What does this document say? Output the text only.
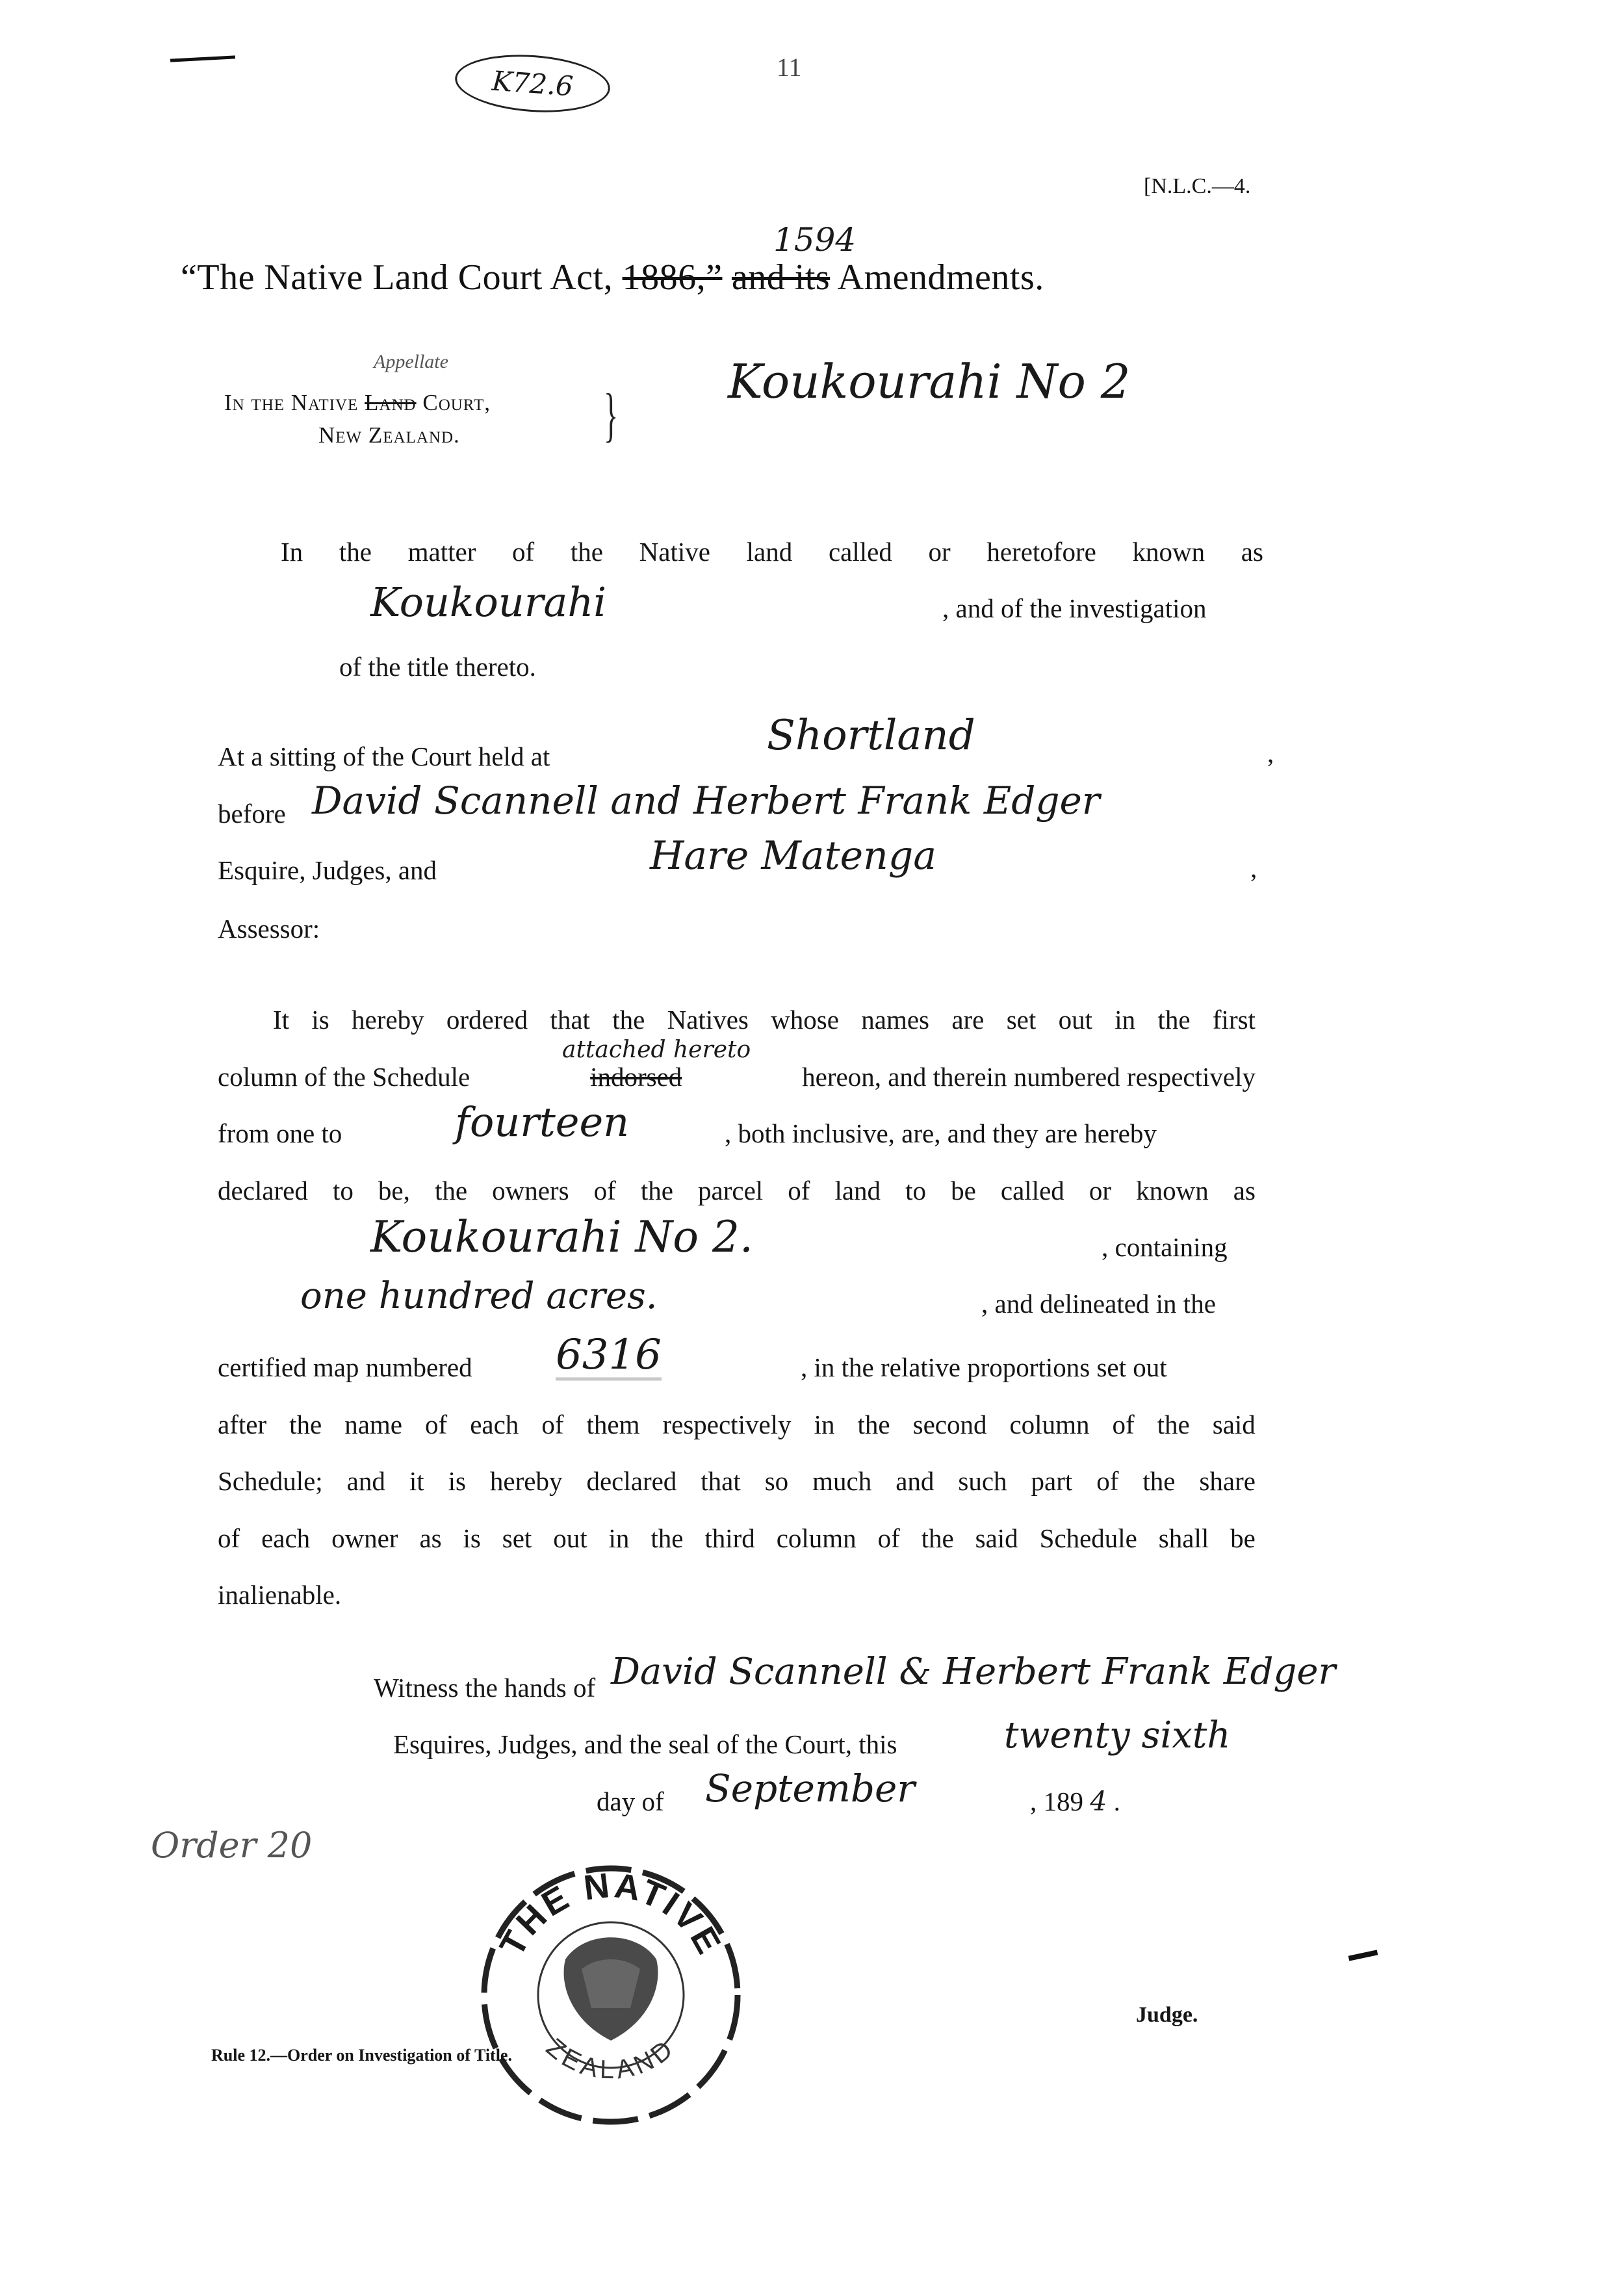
K72.6	11
[N.L.C.—4.
“The Native Land Court Act, 1886,” and its Amendments.
1594
Appellate
In the Native Land Court,
New Zealand. } Koukourahi No 2
In the matter of the Native land called or heretofore known as
Koukourahi	, and of the investigation
of the title thereto.
At a sitting of the Court held at	Shortland	,
before David Scannell and Herbert Frank Edger
Esquire, Judges, and	Hare Matenga	,
Assessor:
It is hereby ordered that the Natives whose names are set out in the first
attached hereto
column of the Schedule	indorsed	hereon, and therein numbered respectively
from one to	fourteen	, both inclusive, are, and they are hereby
declared to be, the owners of the parcel of land to be called or known as
Koukourahi No 2.	, containing
one hundred acres.	, and delineated in the
certified map numbered 6316	, in the relative proportions set out
after the name of each of them respectively in the second column of the said
Schedule; and it is hereby declared that so much and such part of the share
of each owner as is set out in the third column of the said Schedule shall be
inalienable.
Witness the hands of David Scannell & Herbert Frank Edger
Esquires, Judges, and the seal of the Court, this	twenty sixth
day of September	, 189 4 .
Order 20
THE NATIVE
ZEALAND
Judge.
Rule 12.—Order on Investigation of Title.
